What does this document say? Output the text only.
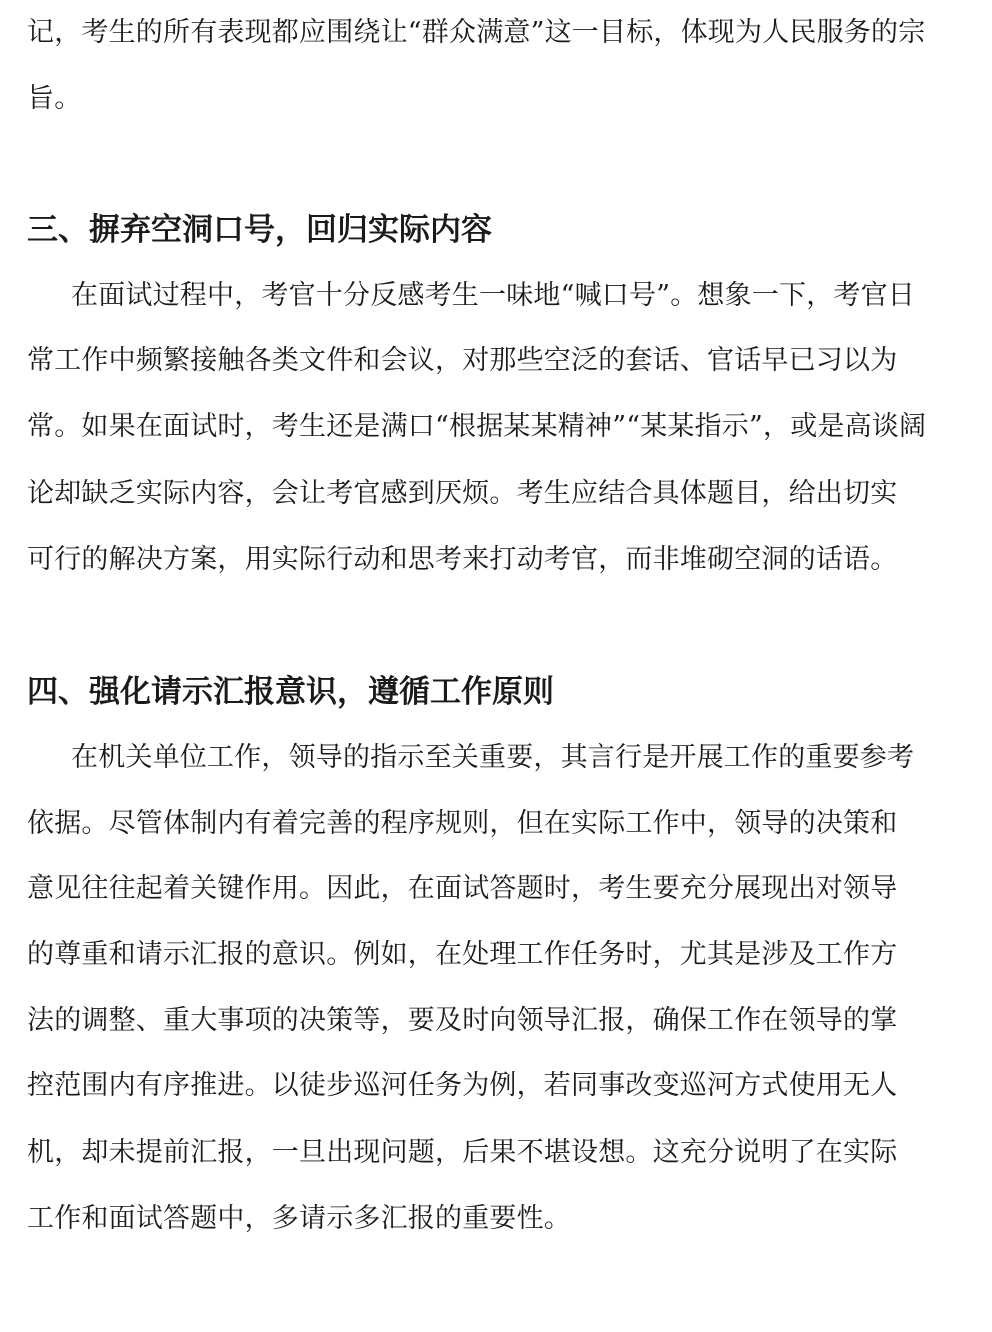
记，考生的所有表现都应围绕让“群众满意”这一目标，体现为人民服务的宗
旨。
三、摒弃空洞口号，回归实际内容
在面试过程中，考官十分反感考生一味地“喊口号”。想象一下，考官日
常工作中频繁接触各类文件和会议，对那些空泛的套话、官话早已习以为
常。如果在面试时，考生还是满口“根据某某精神”“某某指示”，或是高谈阔
论却缺乏实际内容，会让考官感到厌烦。考生应结合具体题目，给出切实
可行的解决方案，用实际行动和思考来打动考官，而非堆砌空洞的话语。
四、强化请示汇报意识，遵循工作原则
在机关单位工作，领导的指示至关重要，其言行是开展工作的重要参考
依据。尽管体制内有着完善的程序规则，但在实际工作中，领导的决策和
意见往往起着关键作用。因此，在面试答题时，考生要充分展现出对领导
的尊重和请示汇报的意识。例如，在处理工作任务时，尤其是涉及工作方
法的调整、重大事项的决策等，要及时向领导汇报，确保工作在领导的掌
控范围内有序推进。以徒步巡河任务为例，若同事改变巡河方式使用无人
机，却未提前汇报，一旦出现问题，后果不堪设想。这充分说明了在实际
工作和面试答题中，多请示多汇报的重要性。
